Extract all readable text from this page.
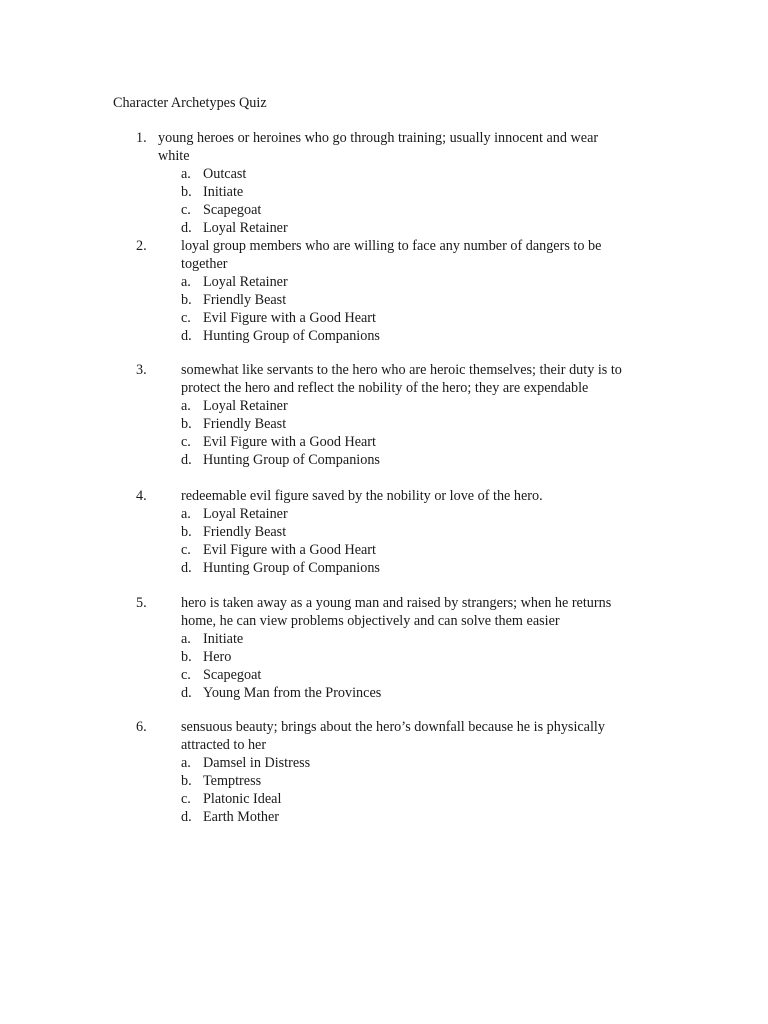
Character Archetypes Quiz
1. young heroes or heroines who go through training; usually innocent and wear
white
a. Outcast
b. Initiate
c. Scapegoat
d. Loyal Retainer
2. loyal group members who are willing to face any number of dangers to be
together
a. Loyal Retainer
b. Friendly Beast
c. Evil Figure with a Good Heart
d. Hunting Group of Companions
3. somewhat like servants to the hero who are heroic themselves; their duty is to
protect the hero and reflect the nobility of the hero; they are expendable
a. Loyal Retainer
b. Friendly Beast
c. Evil Figure with a Good Heart
d. Hunting Group of Companions
4. redeemable evil figure saved by the nobility or love of the hero.
a. Loyal Retainer
b. Friendly Beast
c. Evil Figure with a Good Heart
d. Hunting Group of Companions
5. hero is taken away as a young man and raised by strangers; when he returns
home, he can view problems objectively and can solve them easier
a. Initiate
b. Hero
c. Scapegoat
d. Young Man from the Provinces
6. sensuous beauty; brings about the hero’s downfall because he is physically
attracted to her
a. Damsel in Distress
b. Temptress
c. Platonic Ideal
d. Earth Mother
